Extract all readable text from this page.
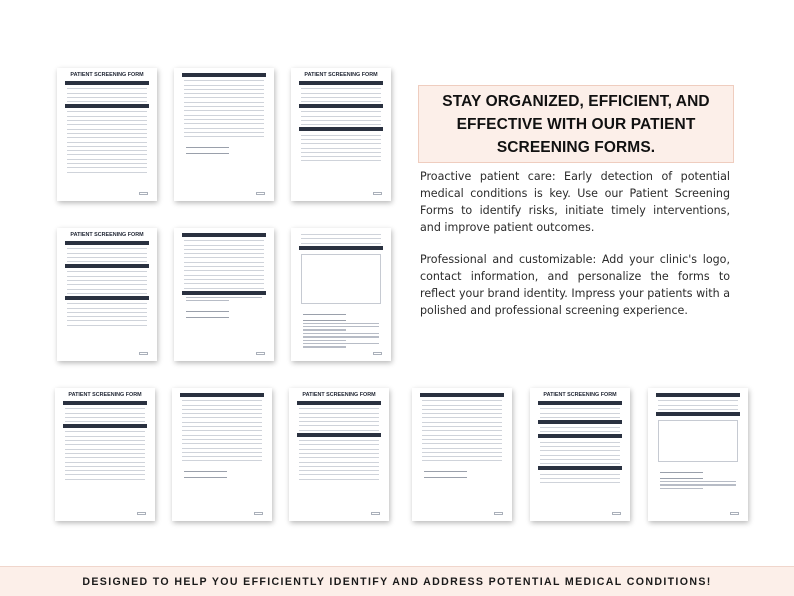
PATIENT SCREENING FORM	PATIENT SCREENING FORM
PATIENT SCREENING FORM
PATIENT SCREENING FORM	PATIENT SCREENING FORM	PATIENT SCREENING FORM
STAY ORGANIZED, EFFICIENT, AND EFFECTIVE WITH OUR PATIENT SCREENING FORMS.
Proactive patient care: Early detection of potential medical conditions is key. Use our Patient Screening Forms to identify risks, initiate timely interventions, and improve patient outcomes.
Professional and customizable: Add your clinic's logo, contact information, and personalize the forms to reflect your brand identity. Impress your patients with a polished and professional screening experience.
DESIGNED TO HELP YOU EFFICIENTLY IDENTIFY AND ADDRESS POTENTIAL MEDICAL CONDITIONS!
